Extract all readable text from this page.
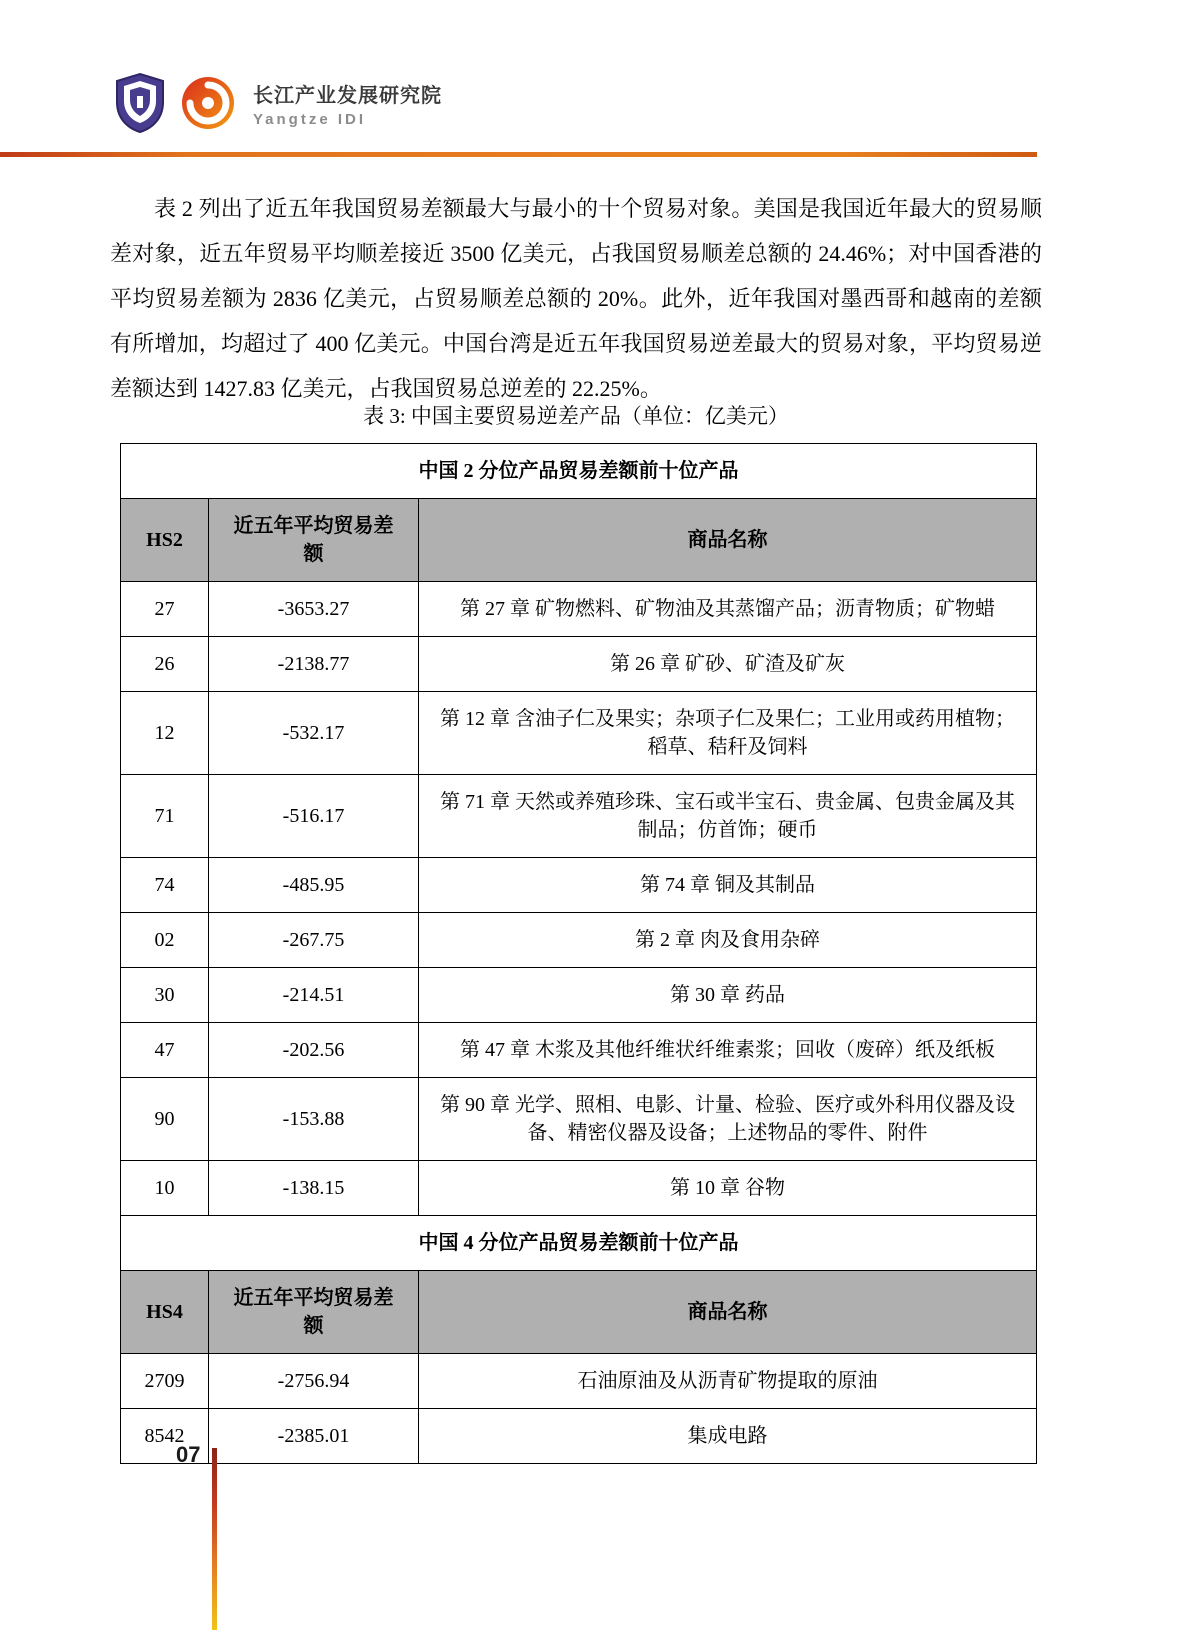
长江产业发展研究院
Yangtze IDI
表 2 列出了近五年我国贸易差额最大与最小的十个贸易对象。美国是我国近年最大的贸易顺差对象，近五年贸易平均顺差接近 3500 亿美元，占我国贸易顺差总额的 24.46%；对中国香港的平均贸易差额为 2836 亿美元，占贸易顺差总额的 20%。此外，近年我国对墨西哥和越南的差额有所增加，均超过了 400 亿美元。中国台湾是近五年我国贸易逆差最大的贸易对象，平均贸易逆差额达到 1427.83 亿美元，占我国贸易总逆差的 22.25%。
表 3: 中国主要贸易逆差产品（单位：亿美元）
中国 2 分位产品贸易差额前十位产品		
HS2	近五年平均贸易差额	商品名称
27	-3653.27	第 27 章 矿物燃料、矿物油及其蒸馏产品；沥青物质；矿物蜡
26	-2138.77	第 26 章 矿砂、矿渣及矿灰
12	-532.17	第 12 章 含油子仁及果实；杂项子仁及果仁；工业用或药用植物；稻草、秸秆及饲料
71	-516.17	第 71 章 天然或养殖珍珠、宝石或半宝石、贵金属、包贵金属及其制品；仿首饰；硬币
74	-485.95	第 74 章 铜及其制品
02	-267.75	第 2 章 肉及食用杂碎
30	-214.51	第 30 章 药品
47	-202.56	第 47 章 木浆及其他纤维状纤维素浆；回收（废碎）纸及纸板
90	-153.88	第 90 章 光学、照相、电影、计量、检验、医疗或外科用仪器及设备、精密仪器及设备；上述物品的零件、附件
10	-138.15	第 10 章 谷物
中国 4 分位产品贸易差额前十位产品		
HS4	近五年平均贸易差额	商品名称
2709	-2756.94	石油原油及从沥青矿物提取的原油
8542	-2385.01	集成电路
07
